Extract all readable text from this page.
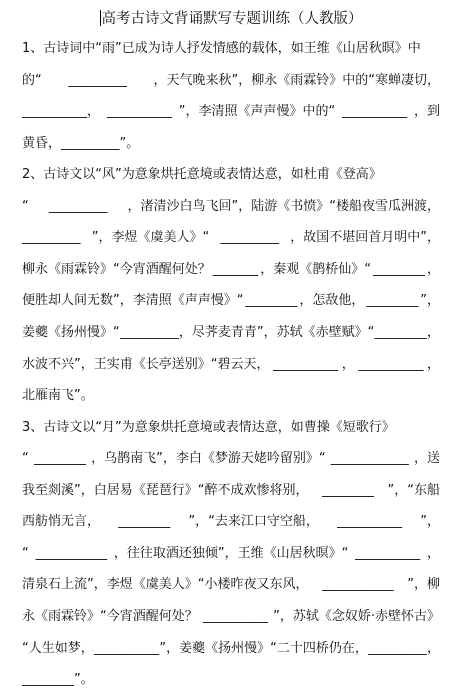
高考古诗文背诵默写专题训练（人教版）
1、古诗词中“雨”已成为诗人抒发情感的载体，如王维《山居秋暝》中
的“ _________ ，天气晚来秋”，柳永《雨霖铃》中的“寒蝉凄切，
__________， __________ ”，李清照《声声慢》中的“ __________ ，到
黄昏， _________ ”。
2、古诗文以“风”为意象烘托意境或表情达意，如杜甫《登高》
“ _________ ，渚清沙白鸟飞回”，陆游《书愤》“楼船夜雪瓜洲渡，
_________ ”，李煜《虞美人》“ _________ ，故国不堪回首月明中”，
柳永《雨霖铃》“今宵酒醒何处？ _______ ，秦观《鹊桥仙》“ ________ ，
便胜却人间无数”，李清照《声声慢》“ ________ ，怎敌他， ________ ”，
姜夔《扬州慢》“ _________ ，尽荠麦青青”，苏轼《赤壁赋》“ ________ ，
水波不兴”，王实甫《长亭送别》“碧云天， __________ ， __________ ，
北雁南飞”。
3、古诗文以“月”为意象烘托意境或表情达意，如曹操《短歌行》
“ ________ ，乌鹊南飞”，李白《梦游天姥吟留别》“ ____________ ，送
我至剡溪”，白居易《琵琶行》“醉不成欢惨将别， ________ ”，“东船
西舫悄无言， ________ ”，“去来江口守空船， __________ ”，
“ ___________ ，往往取酒还独倾”，王维《山居秋暝》“ __________ ，
清泉石上流”，李煜《虞美人》“小楼昨夜又东风， ___________ ”，柳
永《雨霖铃》“今宵酒醒何处？ __________ ”，苏轼《念奴娇·赤壁怀古》
“人生如梦， __________ ”，姜夔《扬州慢》“二十四桥仍在， _________ ，
________ ”。
